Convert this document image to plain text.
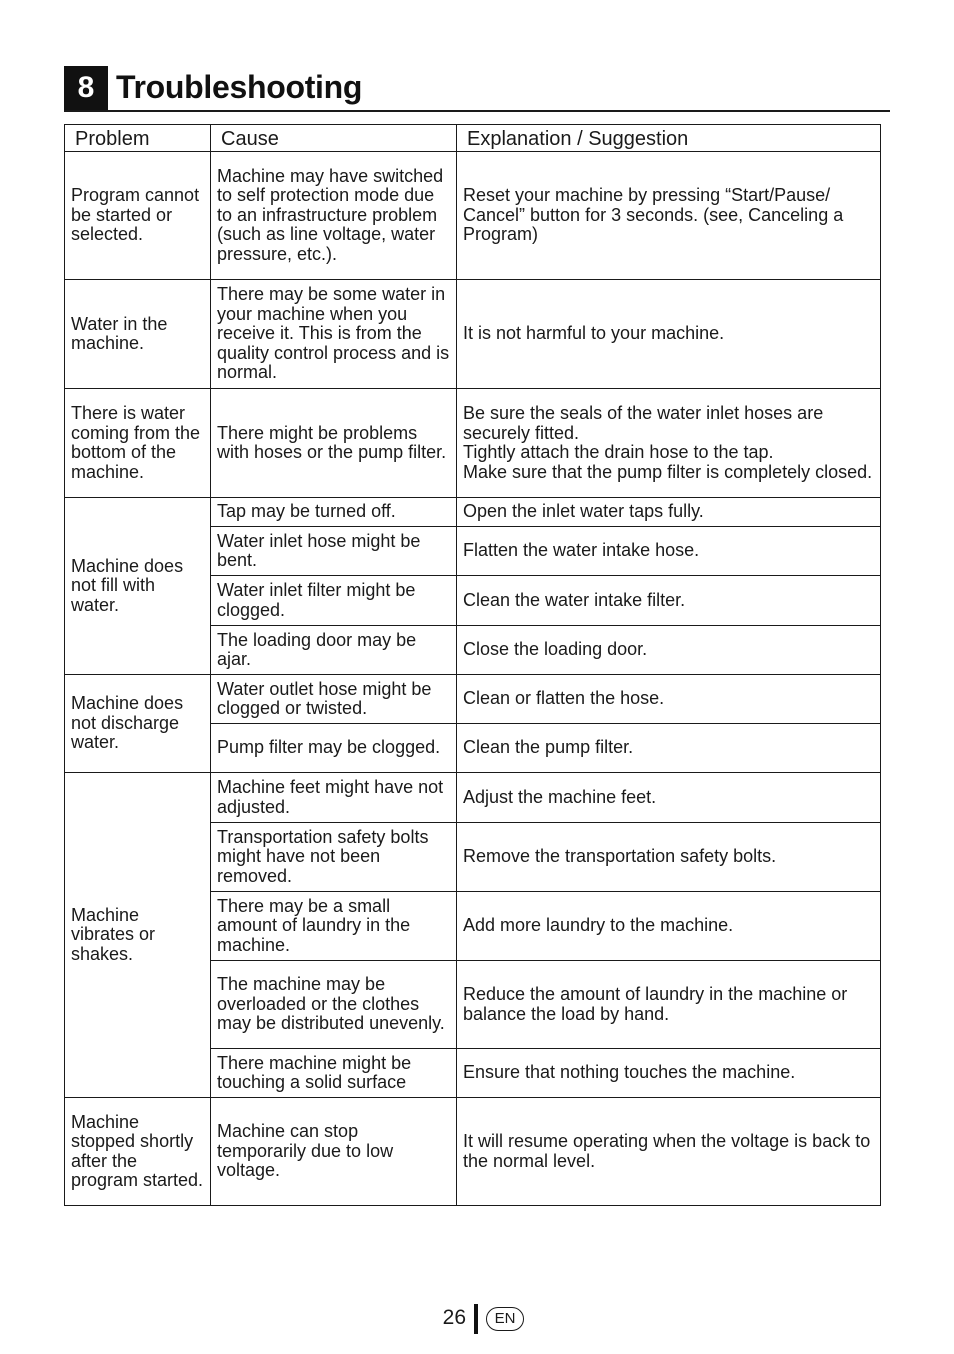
8 Troubleshooting
Problem	Cause	Explanation / Suggestion
Program cannot be started or selected.	Machine may have switched to self protection mode due to an infrastructure problem (such as line voltage, water pressure, etc.).	Reset your machine by pressing “Start/Pause/ Cancel” button for 3 seconds. (see, Canceling a Program)
Water in the machine.	There may be some water in your machine when you receive it. This is from the quality control process and is normal.	It is not harmful to your machine.
There is water coming from the bottom of the machine.	There might be problems with hoses or the pump filter.	Be sure the seals of the water inlet hoses are securely fitted.
Tightly attach the drain hose to the tap.
Make sure that the pump filter is completely closed.
Machine does not fill with water.	Tap may be turned off.	Open the inlet water taps fully.
	Water inlet hose might be bent.	Flatten the water intake hose.
	Water inlet filter might be clogged.	Clean the water intake filter.
	The loading door may be ajar.	Close the loading door.
Machine does not discharge water.	Water outlet hose might be clogged or twisted.	Clean or flatten the hose.
	Pump filter may be clogged.	Clean the pump filter.
Machine vibrates or shakes.	Machine feet might have not adjusted.	Adjust the machine feet.
	Transportation safety bolts might have not been removed.	Remove the transportation safety bolts.
	There may be a small amount of laundry in the machine.	Add more laundry to the machine.
	The machine may be overloaded or the clothes may be distributed unevenly.	Reduce the amount of laundry in the machine or balance the load by hand.
	There machine might be touching a solid surface	Ensure that nothing touches the machine.
Machine stopped shortly after the program started.	Machine can stop temporarily due to low voltage.	It will resume operating when the voltage is back to the normal level.
26	EN
